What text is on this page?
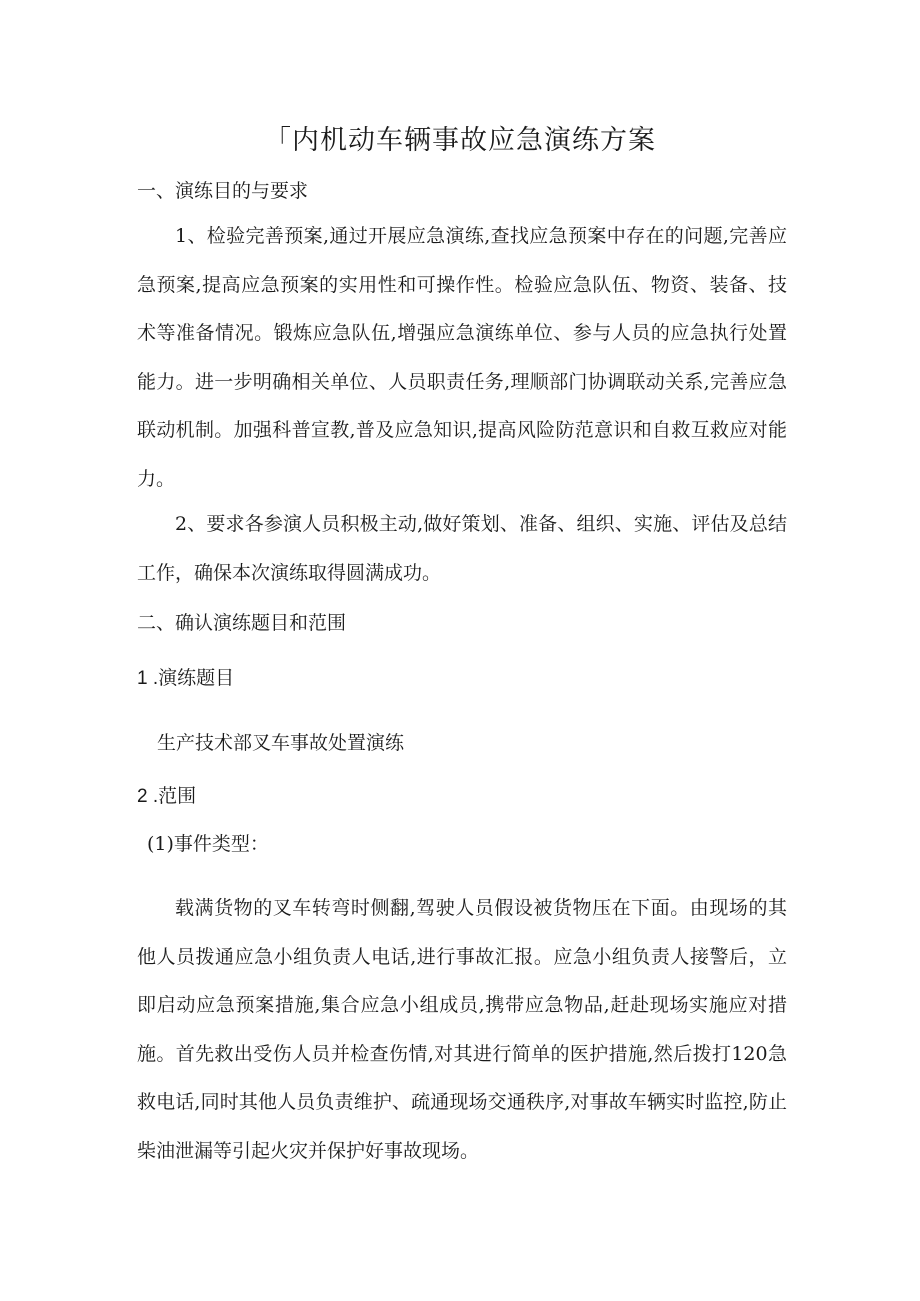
「内机动车辆事故应急演练方案
一、演练目的与要求

1、检验完善预案,通过开展应急演练,查找应急预案中存在的问题,完善应急预案,提高应急预案的实用性和可操作性。检验应急队伍、物资、装备、技术等准备情况。锻炼应急队伍,增强应急演练单位、参与人员的应急执行处置能力。进一步明确相关单位、人员职责任务,理顺部门协调联动关系,完善应急联动机制。加强科普宣教,普及应急知识,提高风险防范意识和自救互救应对能力。

2、要求各参演人员积极主动,做好策划、准备、组织、实施、评估及总结工作，确保本次演练取得圆满成功。

二、确认演练题目和范围
1 .演练题目
生产技术部叉车事故处置演练
2 .范围
(1)事件类型：

载满货物的叉车转弯时侧翻,驾驶人员假设被货物压在下面。由现场的其他人员拨通应急小组负责人电话,进行事故汇报。应急小组负责人接警后，立即启动应急预案措施,集合应急小组成员,携带应急物品,赶赴现场实施应对措施。首先救出受伤人员并检查伤情,对其进行简单的医护措施,然后拨打120急救电话,同时其他人员负责维护、疏通现场交通秩序,对事故车辆实时监控,防止柴油泄漏等引起火灾并保护好事故现场。
